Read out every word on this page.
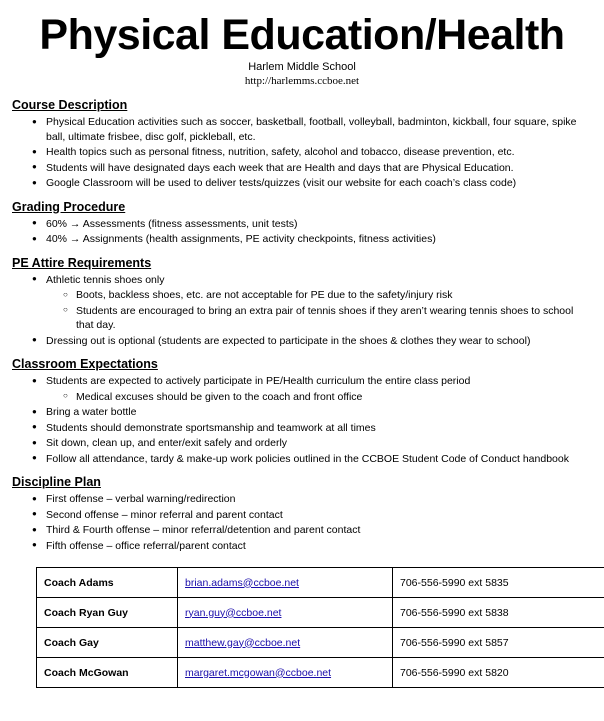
Physical Education/Health
Harlem Middle School
http://harlemms.ccboe.net
Course Description
● Physical Education activities such as soccer, basketball, football, volleyball, badminton, kickball, four square, spike ball, ultimate frisbee, disc golf, pickleball, etc.
● Health topics such as personal fitness, nutrition, safety, alcohol and tobacco, disease prevention, etc.
● Students will have designated days each week that are Health and days that are Physical Education.
● Google Classroom will be used to deliver tests/quizzes (visit our website for each coach’s class code)
Grading Procedure
● 60% → Assessments (fitness assessments, unit tests)
● 40% → Assignments (health assignments, PE activity checkpoints, fitness activities)
PE Attire Requirements
● Athletic tennis shoes only
○ Boots, backless shoes, etc. are not acceptable for PE due to the safety/injury risk
○ Students are encouraged to bring an extra pair of tennis shoes if they aren’t wearing tennis shoes to school that day.
● Dressing out is optional (students are expected to participate in the shoes & clothes they wear to school)
Classroom Expectations
● Students are expected to actively participate in PE/Health curriculum the entire class period
○ Medical excuses should be given to the coach and front office
● Bring a water bottle
● Students should demonstrate sportsmanship and teamwork at all times
● Sit down, clean up, and enter/exit safely and orderly
● Follow all attendance, tardy & make-up work policies outlined in the CCBOE Student Code of Conduct handbook
Discipline Plan
● First offense – verbal warning/redirection
● Second offense – minor referral and parent contact
● Third & Fourth offense – minor referral/detention and parent contact
● Fifth offense – office referral/parent contact
Coach Adams	brian.adams@ccboe.net	706-556-5990 ext 5835
Coach Ryan Guy	ryan.guy@ccboe.net	706-556-5990 ext 5838
Coach Gay	matthew.gay@ccboe.net	706-556-5990 ext 5857
Coach McGowan	margaret.mcgowan@ccboe.net	706-556-5990 ext 5820
